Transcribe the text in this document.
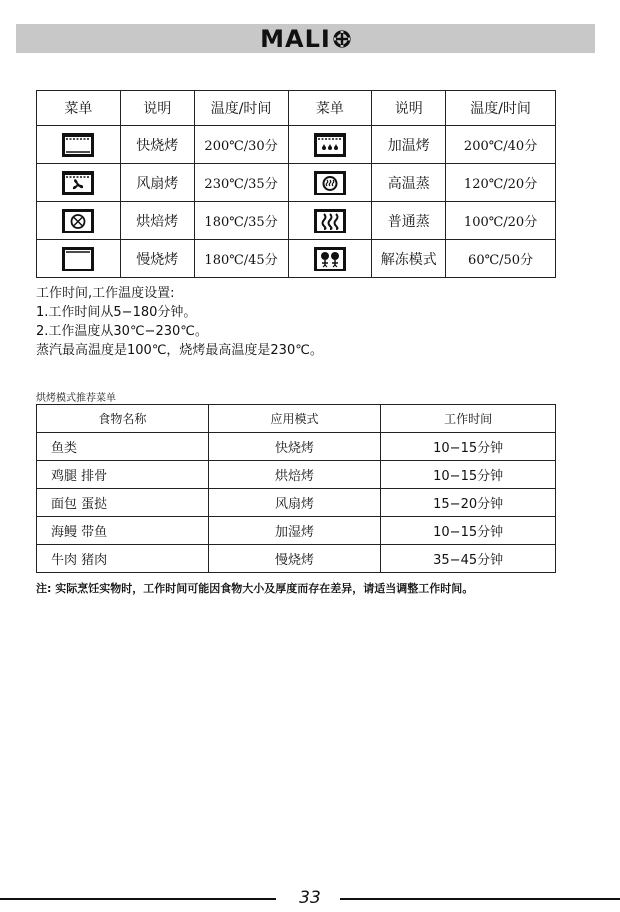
MALI
菜单	说明	温度/时间	菜单	说明	温度/时间

	快烧烤	200℃/30分		加温烤	200℃/40分

	风扇烤	230℃/35分		高温蒸	120℃/20分

	烘焙烤	180℃/35分		普通蒸	100℃/20分

	慢烧烤	180℃/45分		解冻模式	60℃/50分
工作时间,工作温度设置:
1.工作时间从5−180分钟。
2.工作温度从30℃−230℃。
蒸汽最高温度是100℃，烧烤最高温度是230℃。
烘烤模式推荐菜单
食物名称	应用模式	工作时间
鱼类	快烧烤	10−15分钟
鸡腿 排骨	烘焙烤	10−15分钟
面包 蛋挞	风扇烤	15−20分钟
海鳗 带鱼	加湿烤	10−15分钟
牛肉 猪肉	慢烧烤	35−45分钟
注: 实际烹饪实物时，工作时间可能因食物大小及厚度而存在差异，请适当调整工作时间。
33
